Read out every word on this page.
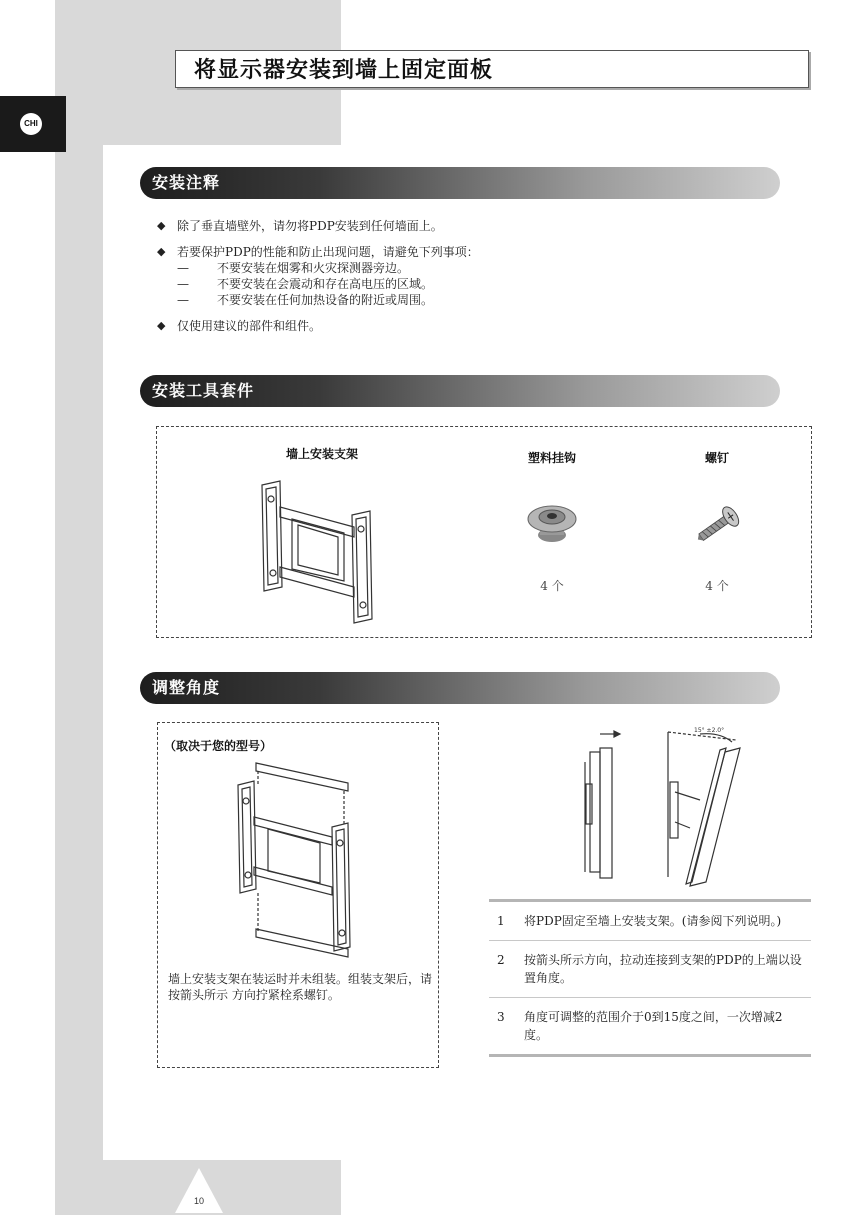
CHI
将显示器安装到墙上固定面板
安装注释
◆ 除了垂直墙壁外，请勿将PDP安装到任何墙面上。
◆ 若要保护PDP的性能和防止出现问题，请避免下列事项：
— 不要安装在烟雾和火灾探测器旁边。
— 不要安装在会震动和存在高电压的区域。
— 不要安装在任何加热设备的附近或周围。
◆ 仅使用建议的部件和组件。
安装工具套件
墙上安装支架	塑料挂钩
4 个
螺钉
4 个
调整角度
（取决于您的型号）
墙上安装支架在装运时并未组装。组装支架后，请按箭头所示 方向拧紧栓系螺钉。
15° ±2.0°
1 将PDP固定至墙上安装支架。(请参阅下列说明。)
2 按箭头所示方向，拉动连接到支架的PDP的上端以设置角度。
3 角度可调整的范围介于0到15度之间，一次增减2度。
10
